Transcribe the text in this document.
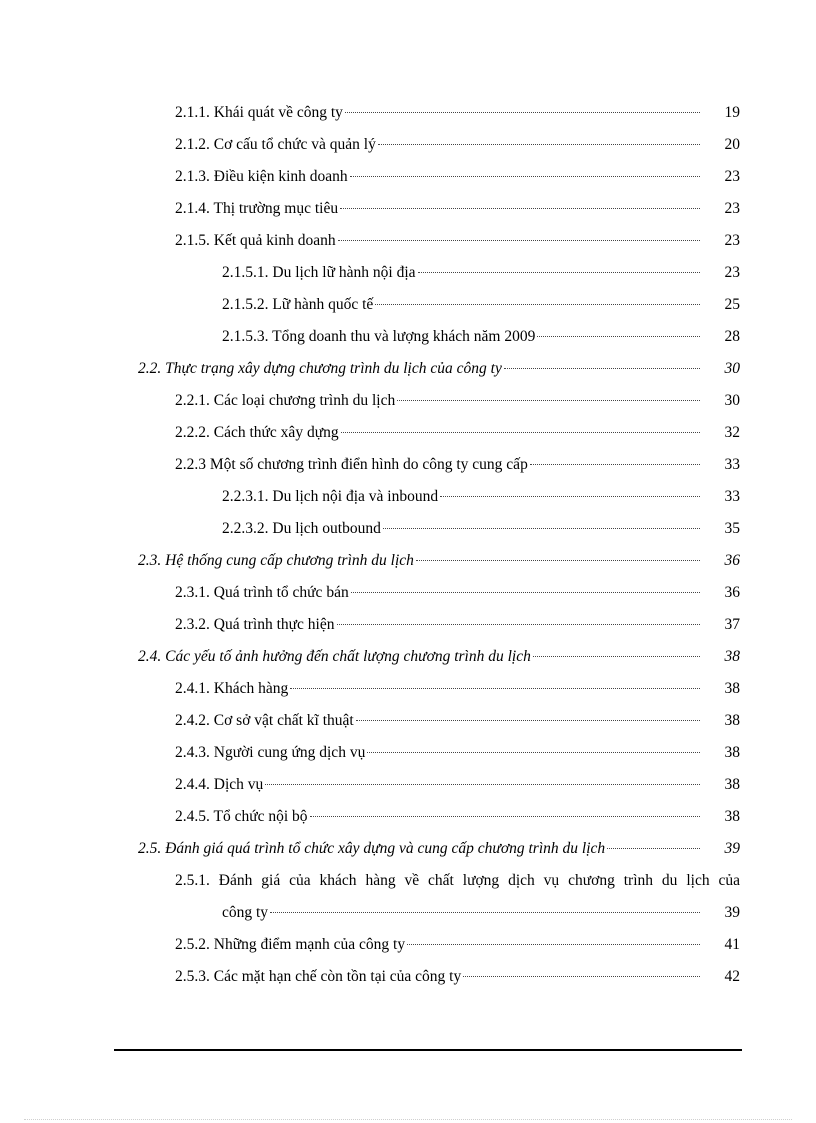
2.1.1. Khái quát về công ty	19
2.1.2. Cơ cấu tổ chức và quản lý	20
2.1.3. Điều kiện kinh doanh	23
2.1.4. Thị trường mục tiêu	23
2.1.5. Kết quả kinh doanh	23
2.1.5.1. Du lịch lữ hành nội địa	23
2.1.5.2. Lữ hành quốc tế	25
2.1.5.3. Tổng doanh thu và lượng khách năm 2009	28
2.2. Thực trạng xây dựng chương trình du lịch của công ty	30
2.2.1. Các loại chương trình du lịch	30
2.2.2. Cách thức xây dựng	32
2.2.3 Một số chương trình điển hình do công ty cung cấp	33
2.2.3.1. Du lịch nội địa và inbound	33
2.2.3.2. Du lịch outbound	35
2.3. Hệ thống cung cấp chương trình du lịch	36
2.3.1. Quá trình tổ chức bán	36
2.3.2. Quá trình thực hiện	37
2.4. Các yếu tố ảnh hưởng đến chất lượng chương trình du lịch	38
2.4.1. Khách hàng	38
2.4.2. Cơ sở vật chất kĩ thuật	38
2.4.3. Người cung ứng dịch vụ	38
2.4.4. Dịch vụ	38
2.4.5. Tổ chức nội bộ	38
2.5. Đánh giá quá trình tổ chức xây dựng và cung cấp chương trình du lịch	39
2.5.1. Đánh giá của khách hàng về chất lượng dịch vụ chương trình du lịch của
công ty	39
2.5.2. Những điểm mạnh của công ty	41
2.5.3. Các mặt hạn chế còn tồn tại của công ty	42
